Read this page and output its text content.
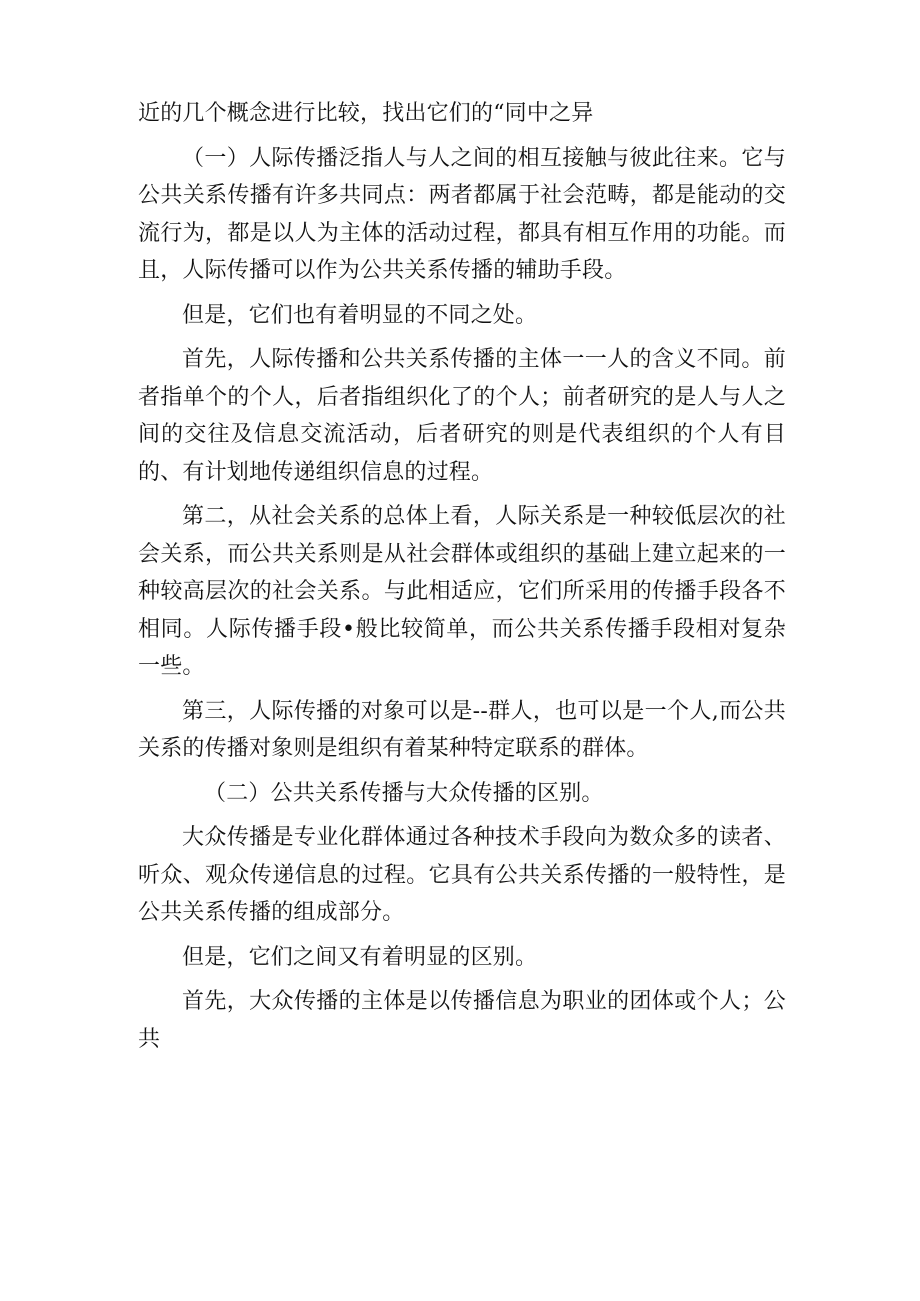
近的几个概念进行比较，找出它们的“同中之异

（一）人际传播泛指人与人之间的相互接触与彼此往来。它与公共关系传播有许多共同点：两者都属于社会范畴，都是能动的交流行为，都是以人为主体的活动过程，都具有相互作用的功能。而且，人际传播可以作为公共关系传播的辅助手段。

但是，它们也有着明显的不同之处。

首先，人际传播和公共关系传播的主体一一人的含义不同。前者指单个的个人，后者指组织化了的个人；前者研究的是人与人之间的交往及信息交流活动，后者研究的则是代表组织的个人有目的、有计划地传递组织信息的过程。

第二，从社会关系的总体上看，人际关系是一种较低层次的社会关系，而公共关系则是从社会群体或组织的基础上建立起来的一种较高层次的社会关系。与此相适应，它们所采用的传播手段各不相同。人际传播手段•般比较简单，而公共关系传播手段相对复杂一些。

第三，人际传播的对象可以是--群人，也可以是一个人,而公共关系的传播对象则是组织有着某种特定联系的群体。

（二）公共关系传播与大众传播的区别。

大众传播是专业化群体通过各种技术手段向为数众多的读者、听众、观众传递信息的过程。它具有公共关系传播的一般特性，是公共关系传播的组成部分。

但是，它们之间又有着明显的区别。

首先，大众传播的主体是以传播信息为职业的团体或个人；公共
